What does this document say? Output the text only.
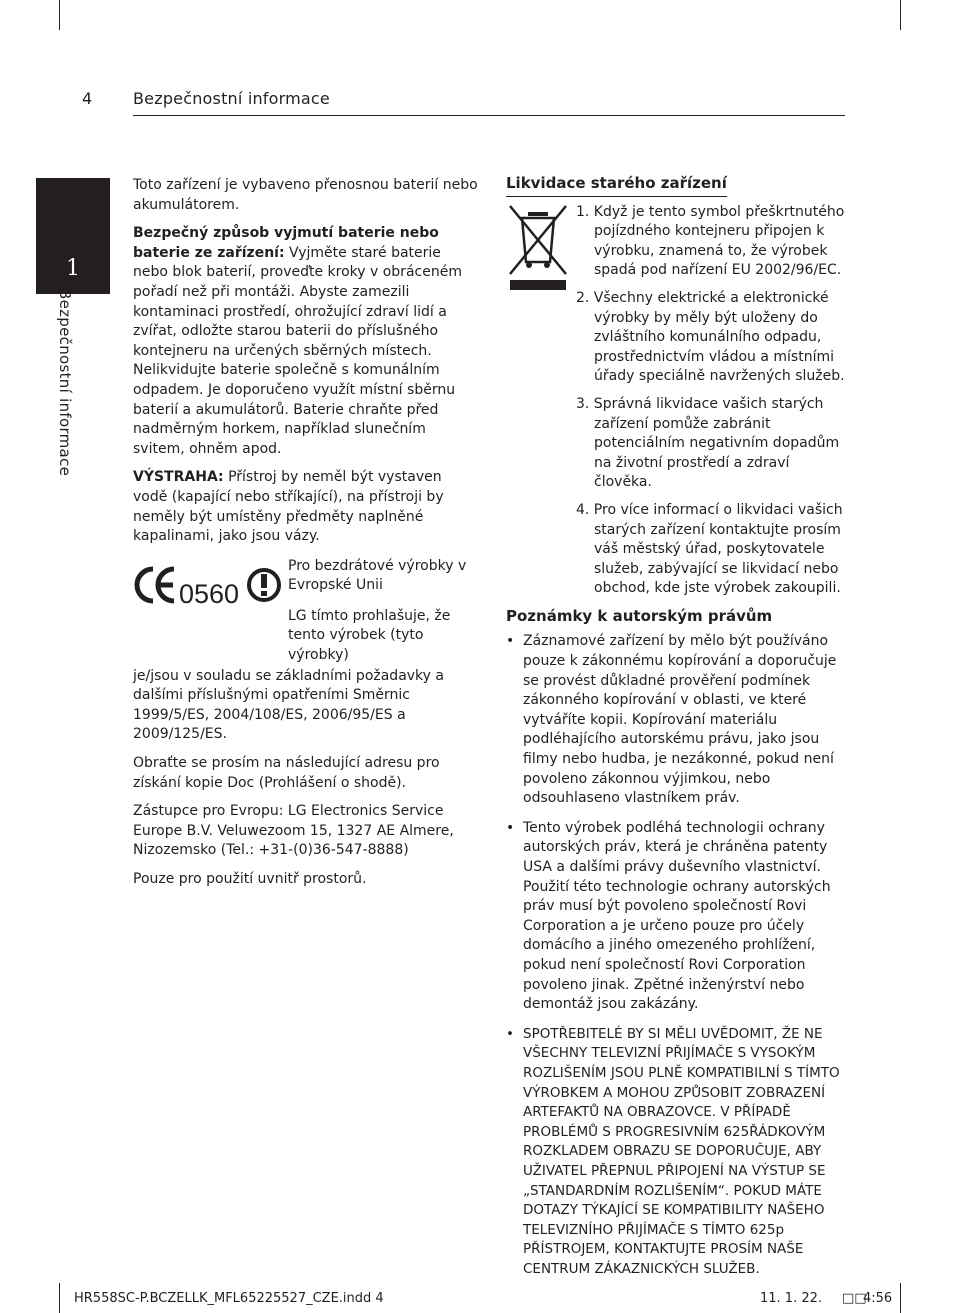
4	Bezpečnostní informace
1
Bezpečnostní informace

Toto zařízení je vybaveno přenosnou baterií nebo akumulátorem.

Bezpečný způsob vyjmutí baterie nebo baterie ze zařízení: Vyjměte staré baterie nebo blok baterií, proveďte kroky v obráceném pořadí než při montáži. Abyste zamezili kontaminaci prostředí, ohrožující zdraví lidí a zvířat, odložte starou baterii do příslušného kontejneru na určených sběrných místech. Nelikvidujte baterie společně s komunálním odpadem. Je doporučeno využít místní sběrnu baterií a akumulátorů. Baterie chraňte před nadměrným horkem, například slunečním svitem, ohněm apod.

VÝSTRAHA: Přístroj by neměl být vystaven vodě (kapající nebo stříkající), na přístroji by neměly být umístěny předměty naplněné kapalinami, jako jsou vázy.

0560
Pro bezdrátové výrobky v Evropské Unii
LG tímto prohlašuje, že tento výrobek (tyto výrobky)

je/jsou v souladu se základními požadavky a dalšími příslušnými opatřeními Směrnic 1999/5/ES, 2004/108/ES, 2006/95/ES a 2009/125/ES.

Obraťte se prosím na následující adresu pro získání kopie Doc (Prohlášení o shodě).

Zástupce pro Evropu: LG Electronics Service Europe B.V. Veluwezoom 15, 1327 AE Almere, Nizozemsko (Tel.: +31-(0)36-547-8888)

Pouze pro použití uvnitř prostorů.

Likvidace starého zařízení

1. Když je tento symbol přeškrtnutého pojízdného kontejneru připojen k výrobku, znamená to, že výrobek spadá pod nařízení EU 2002/96/EC.
2. Všechny elektrické a elektronické výrobky by měly být uloženy do zvláštního komunálního odpadu, prostřednictvím vládou a místními úřady speciálně navržených služeb.
3. Správná likvidace vašich starých zařízení pomůže zabránit potenciálním negativním dopadům na životní prostředí a zdraví člověka.
4. Pro více informací o likvidaci vašich starých zařízení kontaktujte prosím váš městský úřad, poskytovatele služeb, zabývající se likvidací nebo obchod, kde jste výrobek zakoupili.

Poznámky k autorským právům

• Záznamové zařízení by mělo být používáno pouze k zákonnému kopírování a doporučuje se provést důkladné prověření podmínek zákonného kopírování v oblasti, ve které vytváříte kopii. Kopírování materiálu podléhajícího autorskému právu, jako jsou filmy nebo hudba, je nezákonné, pokud není povoleno zákonnou výjimkou, nebo odsouhlaseno vlastníkem práv.
• Tento výrobek podléhá technologii ochrany autorských práv, která je chráněna patenty USA a dalšími právy duševního vlastnictví. Použití této technologie ochrany autorských práv musí být povoleno společností Rovi Corporation a je určeno pouze pro účely domácího a jiného omezeného prohlížení, pokud není společností Rovi Corporation povoleno jinak. Zpětné inženýrství nebo demontáž jsou zakázány.
• SPOTŘEBITELÉ BY SI MĚLI UVĚDOMIT, ŽE NE VŠECHNY TELEVIZNÍ PŘIJÍMAČE S VYSOKÝM ROZLIŠENÍM JSOU PLNĚ KOMPATIBILNÍ S TÍMTO VÝROBKEM A MOHOU ZPŮSOBIT ZOBRAZENÍ ARTEFAKTŮ NA OBRAZOVCE. V PŘÍPADĚ PROBLÉMŮ S PROGRESIVNÍM 625ŘÁDKOVÝM ROZKLADEM OBRAZU SE DOPORUČUJE, ABY UŽIVATEL PŘEPNUL PŘIPOJENÍ NA VÝSTUP SE „STANDARDNÍM ROZLIŠENÍM“. POKUD MÁTE DOTAZY TÝKAJÍCÍ SE KOMPATIBILITY NAŠEHO TELEVIZNÍHO PŘIJÍMAČE S TÍMTO 625p PŘÍSTROJEM, KONTAKTUJTE PROSÍM NAŠE CENTRUM ZÁKAZNICKÝCH SLUŽEB.
HR558SC-P.BCZELLK_MFL65225527_CZE.indd 4	11. 1. 22. □□
4:56
